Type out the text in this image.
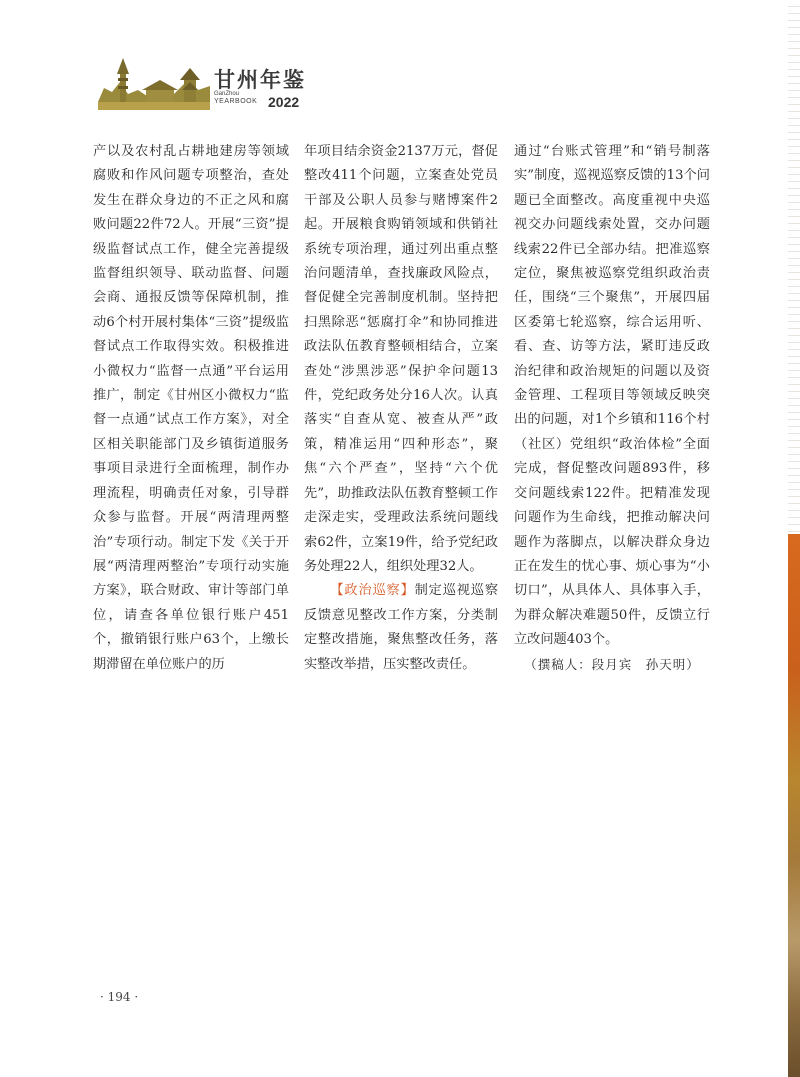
甘州年鉴
GanZhou
YEARBOOK 2022

产以及农村乱占耕地建房等领域腐败和作风问题专项整治，查处发生在群众身边的不正之风和腐败问题22件72人。开展“三资”提级监督试点工作，健全完善提级监督组织领导、联动监督、问题会商、通报反馈等保障机制，推动6个村开展村集体“三资”提级监督试点工作取得实效。积极推进小微权力“监督一点通”平台运用推广，制定《甘州区小微权力“监督一点通”试点工作方案》，对全区相关职能部门及乡镇街道服务事项目录进行全面梳理，制作办理流程，明确责任对象，引导群众参与监督。开展“两清理两整治”专项行动。制定下发《关于开展“两清理两整治”专项行动实施方案》，联合财政、审计等部门单位，请查各单位银行账户451个，撤销银行账户63个，上缴长期滞留在单位账户的历

年项目结余资金2137万元，督促整改411个问题，立案查处党员干部及公职人员参与赌博案件2起。开展粮食购销领域和供销社系统专项治理，通过列出重点整治问题清单，查找廉政风险点，督促健全完善制度机制。坚持把扫黑除恶“惩腐打伞”和协同推进政法队伍教育整顿相结合，立案查处“涉黑涉恶”保护伞问题13件，党纪政务处分16人次。认真落实“自查从宽、被查从严”政策，精准运用“四种形态”，聚焦“六个严查”，坚持“六个优先”，助推政法队伍教育整顿工作走深走实，受理政法系统问题线索62件，立案19件，给予党纪政务处理22人，组织处理32人。

【政治巡察】制定巡视巡察反馈意见整改工作方案，分类制定整改措施，聚焦整改任务，落实整改举措，压实整改责任。

通过“台账式管理”和“销号制落实”制度，巡视巡察反馈的13个问题已全面整改。高度重视中央巡视交办问题线索处置，交办问题线索22件已全部办结。把准巡察定位，聚焦被巡察党组织政治责任，围绕“三个聚焦”，开展四届区委第七轮巡察，综合运用听、看、查、访等方法，紧盯违反政治纪律和政治规矩的问题以及资金管理、工程项目等领域反映突出的问题，对1个乡镇和116个村（社区）党组织“政治体检”全面完成，督促整改问题893件，移交问题线索122件。把精准发现问题作为生命线，把推动解决问题作为落脚点，以解决群众身边正在发生的忧心事、烦心事为“小切口”，从具体人、具体事入手，为群众解决难题50件，反馈立行立改问题403个。

（撰稿人：段月宾　孙天明）

· 194 ·
